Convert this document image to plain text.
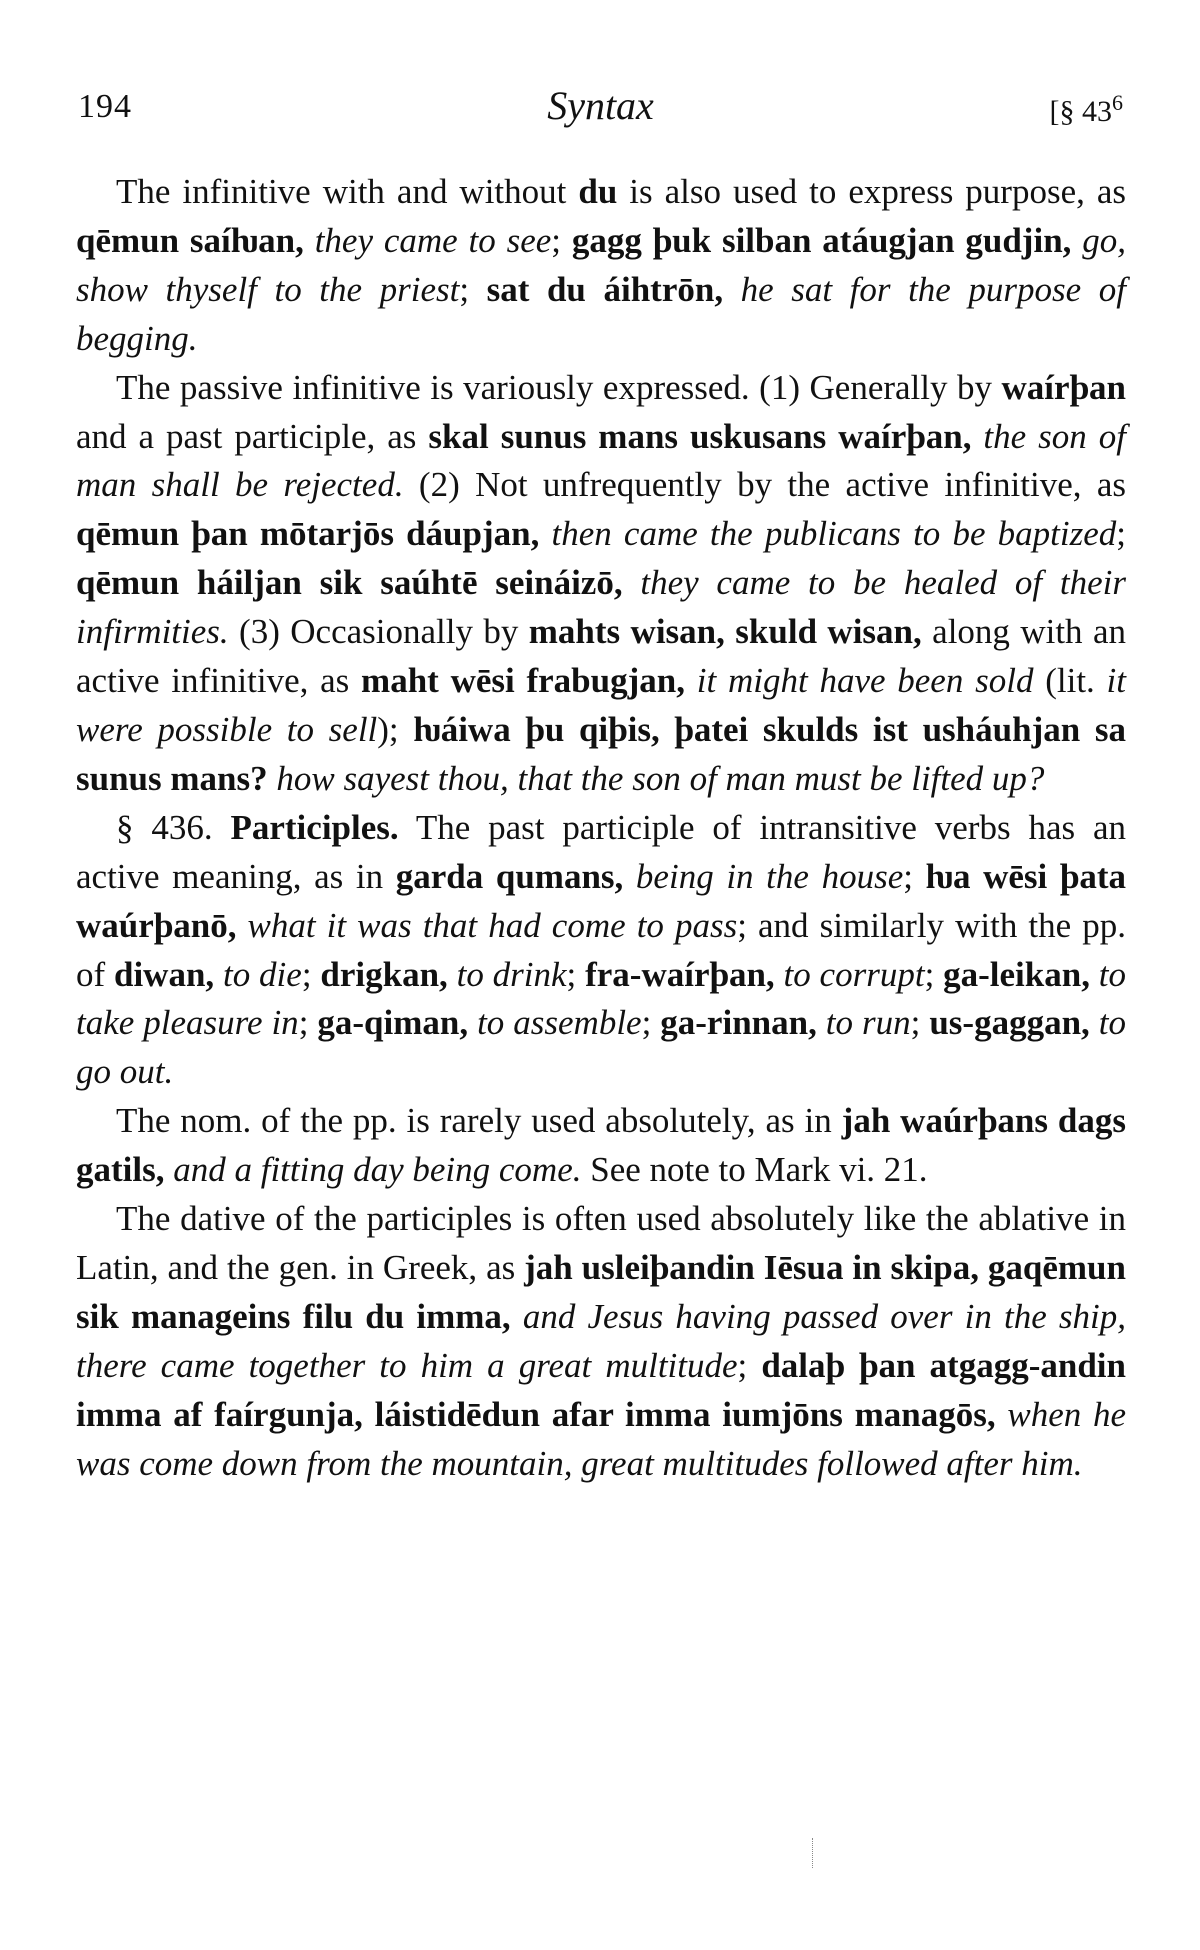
194	Syntax	[§ $43^6$

The infinitive with and without du is also used to express purpose, as qēmun saíƕan, they came to see; gagg þuk silban atáugjan gudjin, go, show thyself to the priest; sat du áihtrōn, he sat for the purpose of begging.

The passive infinitive is variously expressed. (1) Generally by waírþan and a past participle, as skal sunus mans uskusans waírþan, the son of man shall be rejected. (2) Not unfrequently by the active infinitive, as qēmun þan mōtarjōs dáupjan, then came the publicans to be baptized; qēmun háiljan sik saúhtē seináizō, they came to be healed of their infirmities. (3) Occasionally by mahts wisan, skuld wisan, along with an active infinitive, as maht wēsi frabugjan, it might have been sold (lit. it were possible to sell); ƕáiwa þu qiþis, þatei skulds ist usháuhjan sa sunus mans? how sayest thou, that the son of man must be lifted up?

§ 436. Participles. The past participle of intransitive verbs has an active meaning, as in garda qumans, being in the house; ƕa wēsi þata waúrþanō, what it was that had come to pass; and similarly with the pp. of diwan, to die; drigkan, to drink; fra-waírþan, to corrupt; ga-leikan, to take pleasure in; ga-qiman, to assemble; ga-rinnan, to run; us-gaggan, to go out.

The nom. of the pp. is rarely used absolutely, as in jah waúrþans dags gatils, and a fitting day being come. See note to Mark vi. 21.

The dative of the participles is often used absolutely like the ablative in Latin, and the gen. in Greek, as jah usleiþandin Iēsua in skipa, gaqēmun sik manageins filu du imma, and Jesus having passed over in the ship, there came together to him a great multitude; dalaþ þan atgagg-andin imma af faírgunja, láistidēdun afar imma iumjōns managōs, when he was come down from the mountain, great multitudes followed after him.
